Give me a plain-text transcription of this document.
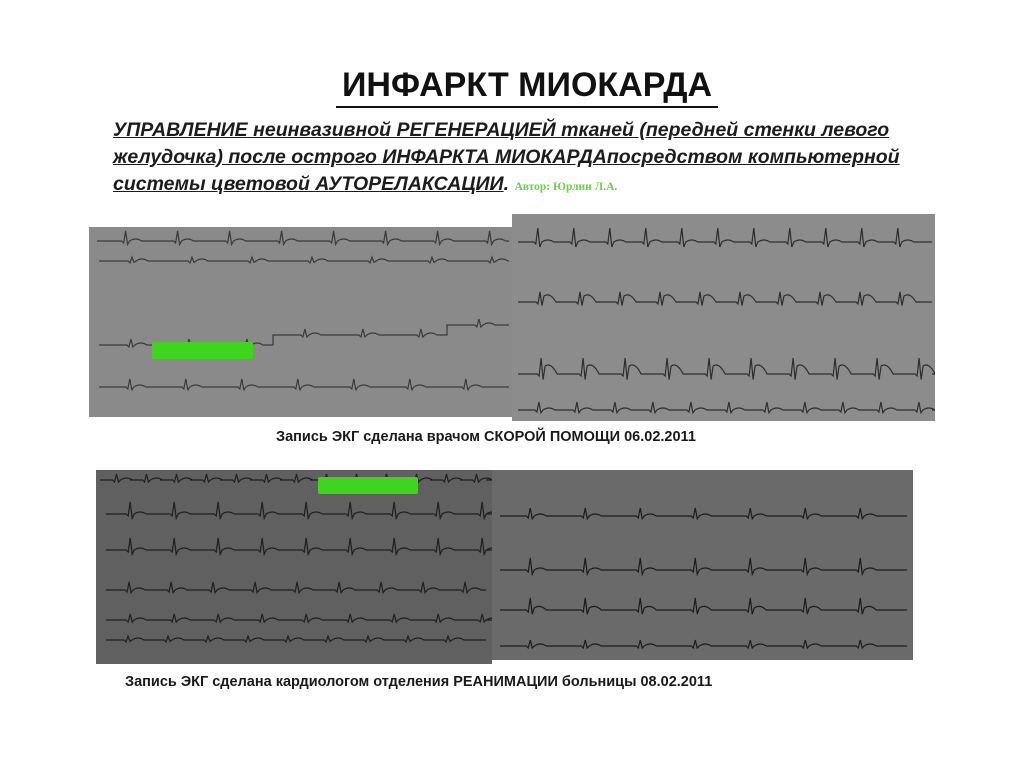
ИНФАРКТ МИОКАРДА
УПРАВЛЕНИЕ неинвазивной РЕГЕНЕРАЦИЕЙ тканей (передней стенки левого желудочка) после острого ИНФАРКТА МИОКАРДАпосредством компьютерной системы цветовой АУТОРЕЛАКСАЦИИ. Автор: Юрлин Л.А.
Запись ЭКГ сделана врачом СКОРОЙ ПОМОЩИ 06.02.2011
Запись ЭКГ сделана кардиологом отделения РЕАНИМАЦИИ больницы 08.02.2011
